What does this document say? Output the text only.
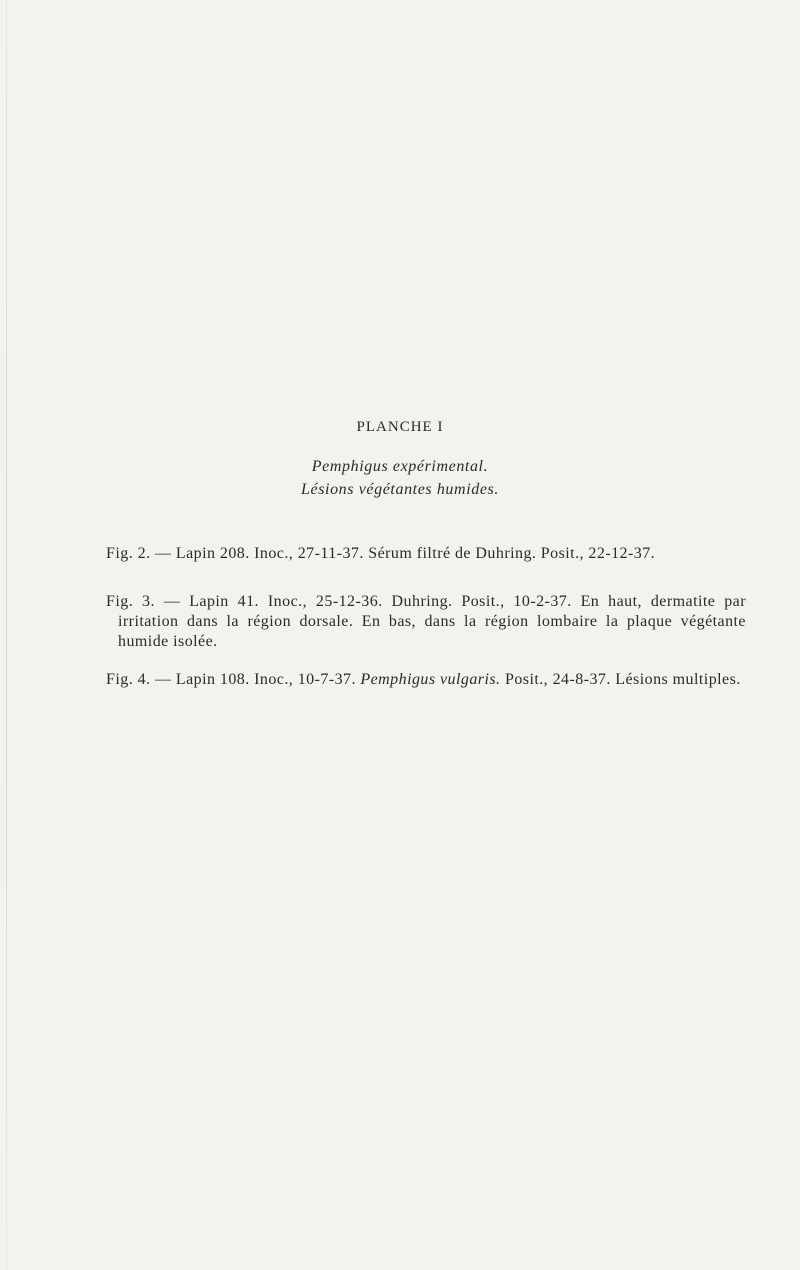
PLANCHE I

Pemphigus expérimental.

Lésions végétantes humides.

Fig. 2. — Lapin 208. Inoc., 27-11-37. Sérum filtré de Duhring. Posit., 22-12-37.

Fig. 3. — Lapin 41. Inoc., 25-12-36. Duhring. Posit., 10-2-37. En haut, dermatite par irritation dans la région dorsale. En bas, dans la région lombaire la plaque végétante humide isolée.

Fig. 4. — Lapin 108. Inoc., 10-7-37. Pemphigus vulgaris. Posit., 24-8-37. Lésions multiples.
